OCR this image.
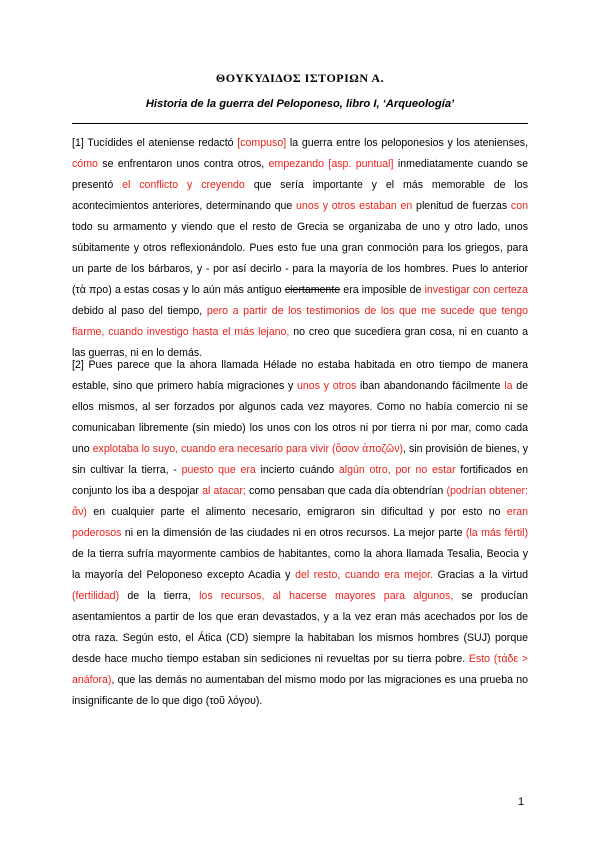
ΘΟΥΚΥΔΙΔΟΣ ΙΣΤΟΡΙΩΝ Α.
Historia de la guerra del Peloponeso, libro I, ‘Arqueología’

[1] Tucídides el ateniense redactó [compuso] la guerra entre los peloponesios y los atenienses, cómo se enfrentaron unos contra otros, empezando [asp. puntual] inmediatamente cuando se presentó el conflicto y creyendo que sería importante y el más memorable de los acontecimientos anteriores, determinando que unos y otros estaban en plenitud de fuerzas con todo su armamento y viendo que el resto de Grecia se organizaba de uno y otro lado, unos súbitamente y otros reflexionándolo. Pues esto fue una gran conmoción para los griegos, para un parte de los bárbaros, y - por así decirlo - para la mayoría de los hombres. Pues lo anterior (τὰ προ) a estas cosas y lo aún más antiguo ciertamente era imposible de investigar con certeza debido al paso del tiempo, pero a partir de los testimonios de los que me sucede que tengo fiarme, cuando investigo hasta el más lejano, no creo que sucediera gran cosa, ni en cuanto a las guerras, ni en lo demás.

[2] Pues parece que la ahora llamada Hélade no estaba habitada en otro tiempo de manera estable, sino que primero había migraciones y unos y otros iban abandonando fácilmente la de ellos mismos, al ser forzados por algunos cada vez mayores. Como no había comercio ni se comunicaban libremente (sin miedo) los unos con los otros ni por tierra ni por mar, como cada uno explotaba lo suyo, cuando era necesario para vivir (ὅσον ἀποζῶν), sin provisión de bienes, y sin cultivar la tierra, - puesto que era incierto cuándo algún otro, por no estar fortificados en conjunto los iba a despojar al atacar; como pensaban que cada día obtendrían (podrían obtener: ἄν) en cualquier parte el alimento necesario, emigraron sin dificultad y por esto no eran poderosos ni en la dimensión de las ciudades ni en otros recursos. La mejor parte (la más fértil) de la tierra sufría mayormente cambios de habitantes, como la ahora llamada Tesalia, Beocia y la mayoría del Peloponeso excepto Acadia y del resto, cuando era mejor. Gracias a la virtud (fertilidad) de la tierra, los recursos, al hacerse mayores para algunos, se producían asentamientos a partir de los que eran devastados, y a la vez eran más acechados por los de otra raza. Según esto, el Ática (CD) siempre la habitaban los mismos hombres (SUJ) porque desde hace mucho tiempo estaban sin sediciones ni revueltas por su tierra pobre. Esto (τάδε > anáfora), que las demás no aumentaban del mismo modo por las migraciones es una prueba no insignificante de lo que digo (τοῦ λόγου).

1
